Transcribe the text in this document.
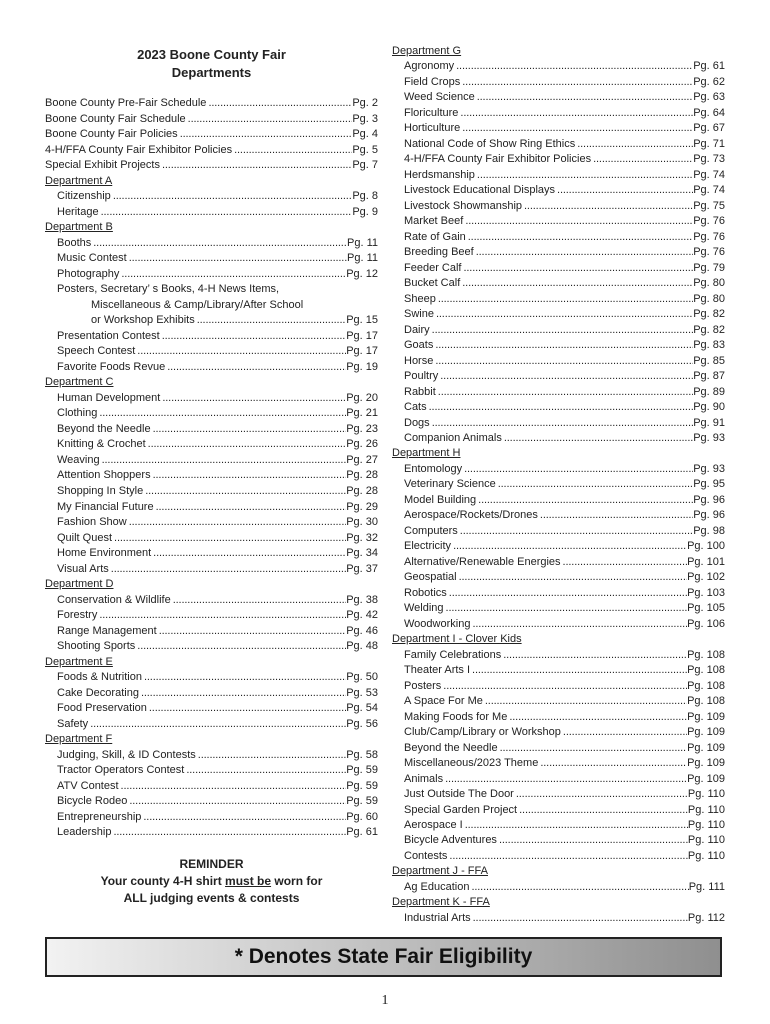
2023 Boone County Fair
Departments
Boone County Pre-Fair Schedule . . .	Pg. 2
Boone County Fair Schedule . . .	Pg. 3
Boone County Fair Policies . . .	Pg. 4
4-H/FFA County Fair Exhibitor Policies . . .	Pg. 5
Special Exhibit Projects . . .	Pg. 7
Department A
Citizenship . . .	Pg. 8
Heritage . . .	Pg. 9
Department B
Booths . . .	Pg. 11
Music Contest . . .	Pg. 11
Photography . . .	Pg. 12
Posters, Secretary’ s Books, 4-H News Items,
Miscellaneous & Camp/Library/After School
or Workshop Exhibits . . .	Pg. 15
Presentation Contest . . .	Pg. 17
Speech Contest . . .	Pg. 17
Favorite Foods Revue . . .	Pg. 19
Department C
Human Development . . .	Pg. 20
Clothing . . .	Pg. 21
Beyond the Needle . . .	Pg. 23
Knitting & Crochet . . .	Pg. 26
Weaving . . .	Pg. 27
Attention Shoppers . . .	Pg. 28
Shopping In Style . . .	Pg. 28
My Financial Future . . .	Pg. 29
Fashion Show . . .	Pg. 30
Quilt Quest . . .	Pg. 32
Home Environment . . .	Pg. 34
Visual Arts . . .	Pg. 37
Department D
Conservation & Wildlife . . .	Pg. 38
Forestry . . .	Pg. 42
Range Management . . .	Pg. 46
Shooting Sports . . .	Pg. 48
Department E
Foods & Nutrition . . .	Pg. 50
Cake Decorating . . .	Pg. 53
Food Preservation . . .	Pg. 54
Safety . . .	Pg. 56
Department F
Judging, Skill, & ID Contests . . .	Pg. 58
Tractor Operators Contest . . .	Pg. 59
ATV Contest . . .	Pg. 59
Bicycle Rodeo . . .	Pg. 59
Entrepreneurship . . .	Pg. 60
Leadership . . .	Pg. 61
REMINDER
Your county 4-H shirt must be worn for
ALL judging events & contests
Department G
Agronomy . . .	Pg. 61
Field Crops . . .	Pg. 62
Weed Science . . .	Pg. 63
Floriculture . . .	Pg. 64
Horticulture . . .	Pg. 67
National Code of Show Ring Ethics . . .	Pg. 71
4-H/FFA County Fair Exhibitor Policies . . .	Pg. 73
Herdsmanship . . .	Pg. 74
Livestock Educational Displays . . .	Pg. 74
Livestock Showmanship . . .	Pg. 75
Market Beef . . .	Pg. 76
Rate of Gain . . .	Pg. 76
Breeding Beef . . .	Pg. 76
Feeder Calf . . .	Pg. 79
Bucket Calf . . .	Pg. 80
Sheep . . .	Pg. 80
Swine . . .	Pg. 82
Dairy . . .	Pg. 82
Goats . . .	Pg. 83
Horse . . .	Pg. 85
Poultry . . .	Pg. 87
Rabbit . . .	Pg. 89
Cats . . .	Pg. 90
Dogs . . .	Pg. 91
Companion Animals . . .	Pg. 93
Department H
Entomology . . .	Pg. 93
Veterinary Science . . .	Pg. 95
Model Building . . .	Pg. 96
Aerospace/Rockets/Drones . . .	Pg. 96
Computers . . .	Pg. 98
Electricity . . .	Pg. 100
Alternative/Renewable Energies . . .	Pg. 101
Geospatial . . .	Pg. 102
Robotics . . .	Pg. 103
Welding . . .	Pg. 105
Woodworking . . .	Pg. 106
Department I - Clover Kids
Family Celebrations . . .	Pg. 108
Theater Arts I . . .	Pg. 108
Posters . . .	Pg. 108
A Space For Me . . .	Pg. 108
Making Foods for Me . . .	Pg. 109
Club/Camp/Library or Workshop . . .	Pg. 109
Beyond the Needle . . .	Pg. 109
Miscellaneous/2023 Theme . . .	Pg. 109
Animals . . .	Pg. 109
Just Outside The Door . . .	Pg. 110
Special Garden Project . . .	Pg. 110
Aerospace I . . .	Pg. 110
Bicycle Adventures . . .	Pg. 110
Contests . . .	Pg. 110
Department J - FFA
Ag Education . . .	Pg. 111
Department K - FFA
Industrial Arts . . .	Pg. 112
* Denotes State Fair Eligibility
1
